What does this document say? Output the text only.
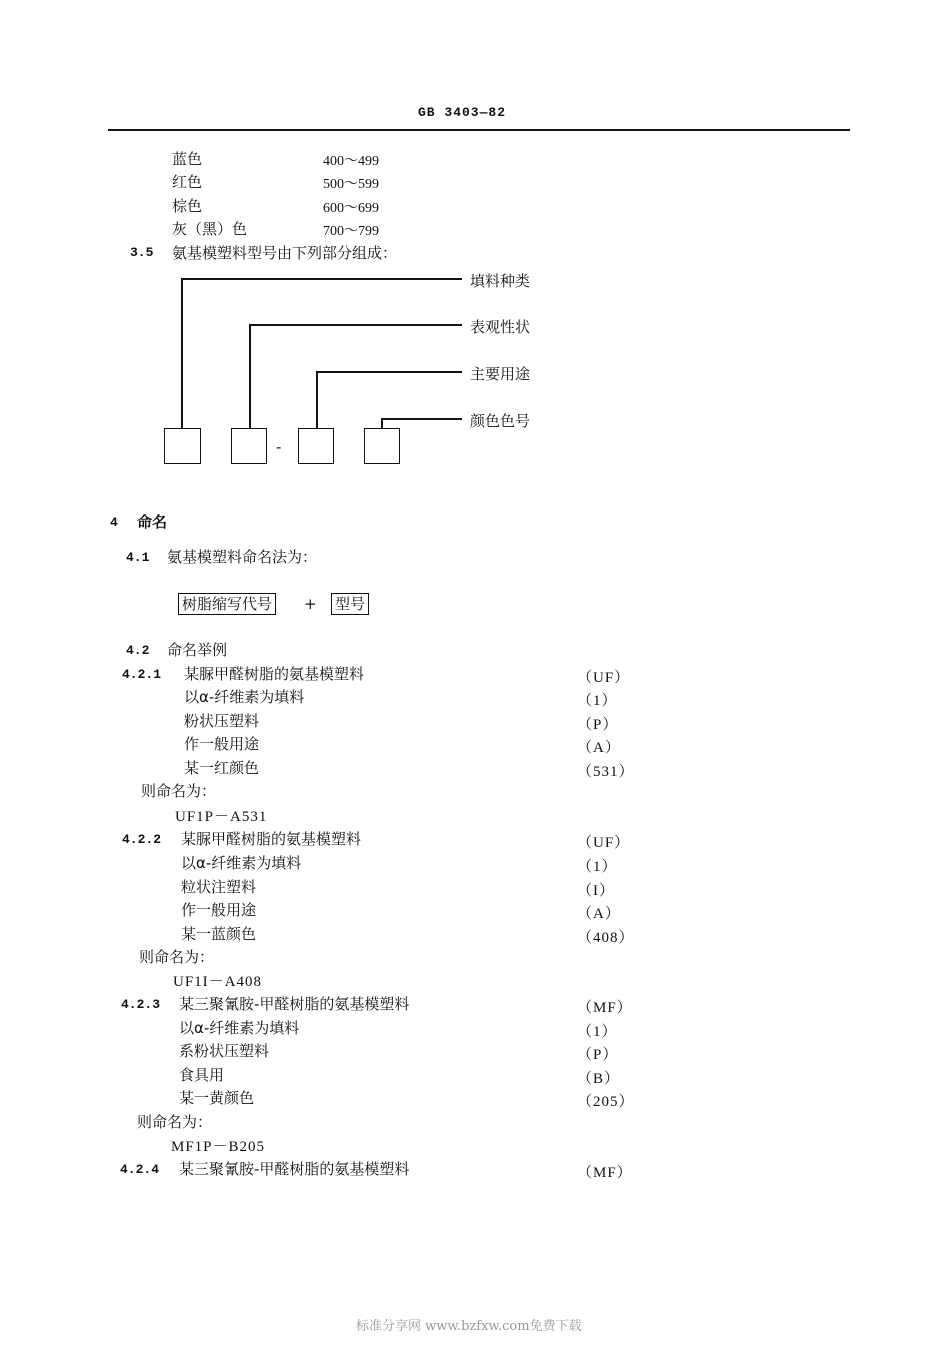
GB 3403—82
蓝色	400～499
红色	500～599
棕色	600～699
灰（黑）色	700～799
3.5 氨基模塑料型号由下列部分组成：
-
填料种类
表观性状
主要用途
颜色色号
4 命名
4.1 氨基模塑料命名法为：
树脂缩写代号 + 型号
4.2 命名举例
4.2.1 某脲甲醛树脂的氨基模塑料	（UF）
以α-纤维素为填料	（1）
粉状压塑料	（P）
作一般用途	（A）
某一红颜色	（531）
则命名为：
UF1P－A531
4.2.2 某脲甲醛树脂的氨基模塑料	（UF）
以α-纤维素为填料	（1）
粒状注塑料	（I）
作一般用途	（A）
某一蓝颜色	（408）
则命名为：
UF1I－A408
4.2.3 某三聚氰胺-甲醛树脂的氨基模塑料	（MF）
以α-纤维素为填料	（1）
系粉状压塑料	（P）
食具用	（B）
某一黄颜色	（205）
则命名为：
MF1P－B205
4.2.4 某三聚氰胺-甲醛树脂的氨基模塑料	（MF）
标准分享网 www.bzfxw.com免费下载
